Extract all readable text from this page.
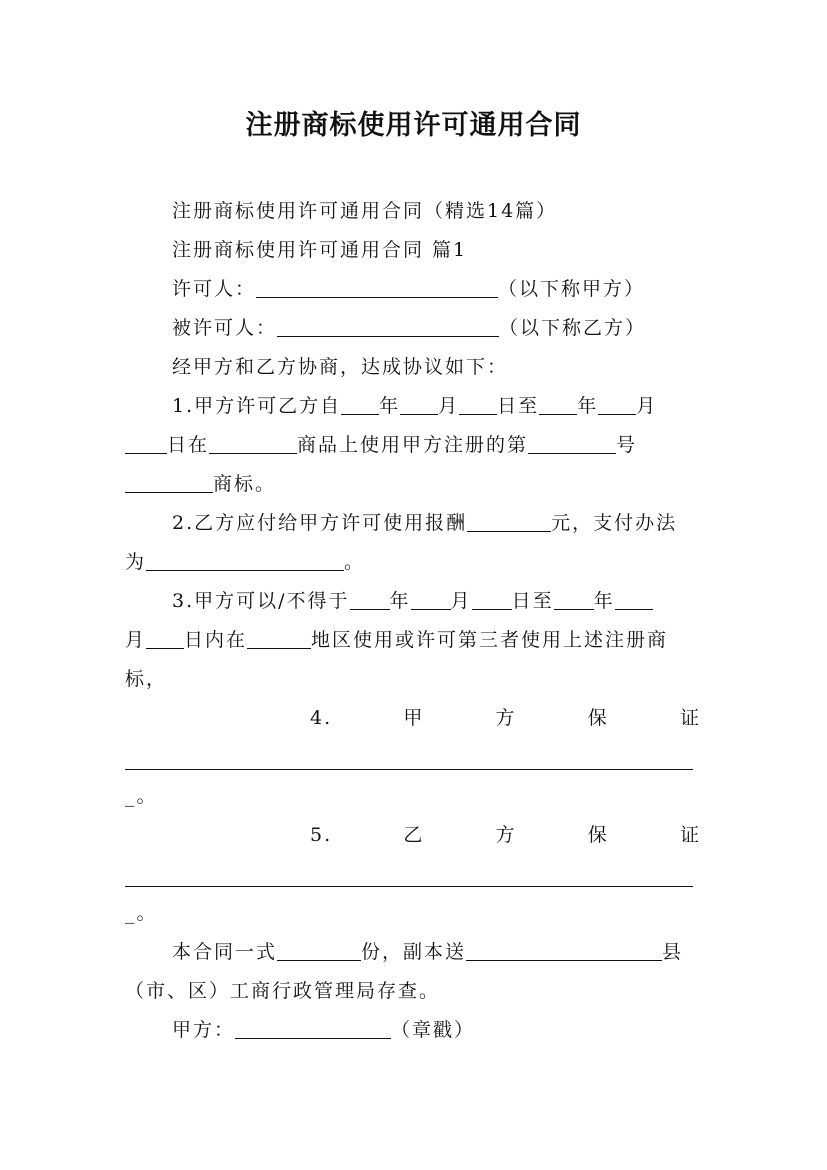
注册商标使用许可通用合同
注册商标使用许可通用合同（精选14篇）
注册商标使用许可通用合同 篇1
许可人：	（以下称甲方）
被许可人：	（以下称乙方）
经甲方和乙方协商，达成协议如下：
1.甲方许可乙方自 年 月 日至 年 月
日在	商品上使用甲方注册的第	号
商标。
2.乙方应付给甲方许可使用报酬	元，支付办法
为	。
3.甲方可以/不得于 年 月 日至 年
月 日内在	地区使用或许可第三者使用上述注册商
标，
4.	甲	方	保	证
_。
5.	乙	方	保	证
_。
本合同一式	份，副本送	县
（市、区）工商行政管理局存查。
甲方：	（章戳）
